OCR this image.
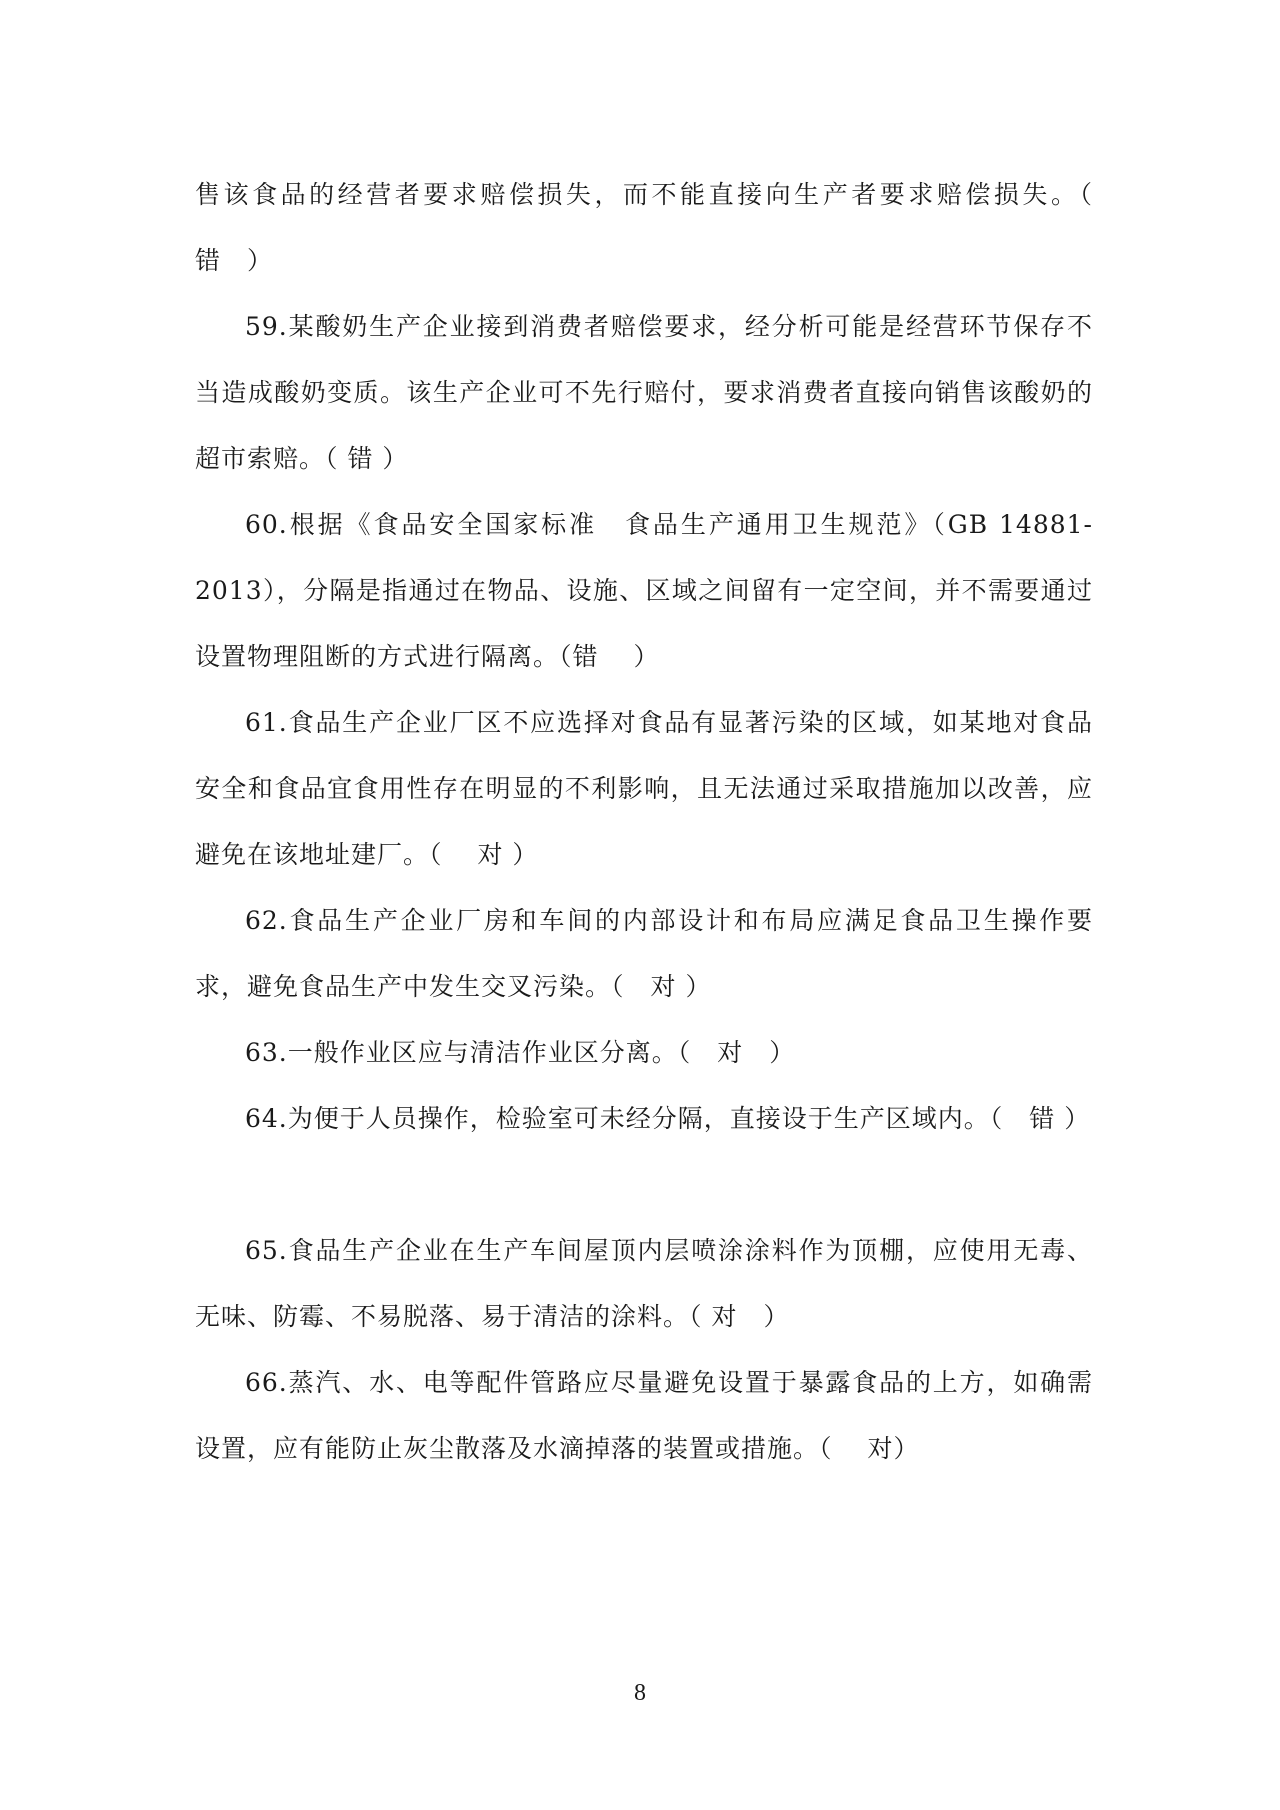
售该食品的经营者要求赔偿损失，而不能直接向生产者要求赔偿损失。（　错　）

59.某酸奶生产企业接到消费者赔偿要求，经分析可能是经营环节保存不当造成酸奶变质。该生产企业可不先行赔付，要求消费者直接向销售该酸奶的超市索赔。（ 错 ）

60.根据《食品安全国家标准　食品生产通用卫生规范》（GB 14881-2013），分隔是指通过在物品、设施、区域之间留有一定空间，并不需要通过设置物理阻断的方式进行隔离。（错　 ）

61.食品生产企业厂区不应选择对食品有显著污染的区域，如某地对食品安全和食品宜食用性存在明显的不利影响，且无法通过采取措施加以改善，应避免在该地址建厂。（　 对 ）

62.食品生产企业厂房和车间的内部设计和布局应满足食品卫生操作要求，避免食品生产中发生交叉污染。（　对 ）

63.一般作业区应与清洁作业区分离。（　对　）

64.为便于人员操作，检验室可未经分隔，直接设于生产区域内。（　错 ）

65.食品生产企业在生产车间屋顶内层喷涂涂料作为顶棚，应使用无毒、无味、防霉、不易脱落、易于清洁的涂料。（ 对　）

66.蒸汽、水、电等配件管路应尽量避免设置于暴露食品的上方，如确需设置，应有能防止灰尘散落及水滴掉落的装置或措施。（　 对）

8
